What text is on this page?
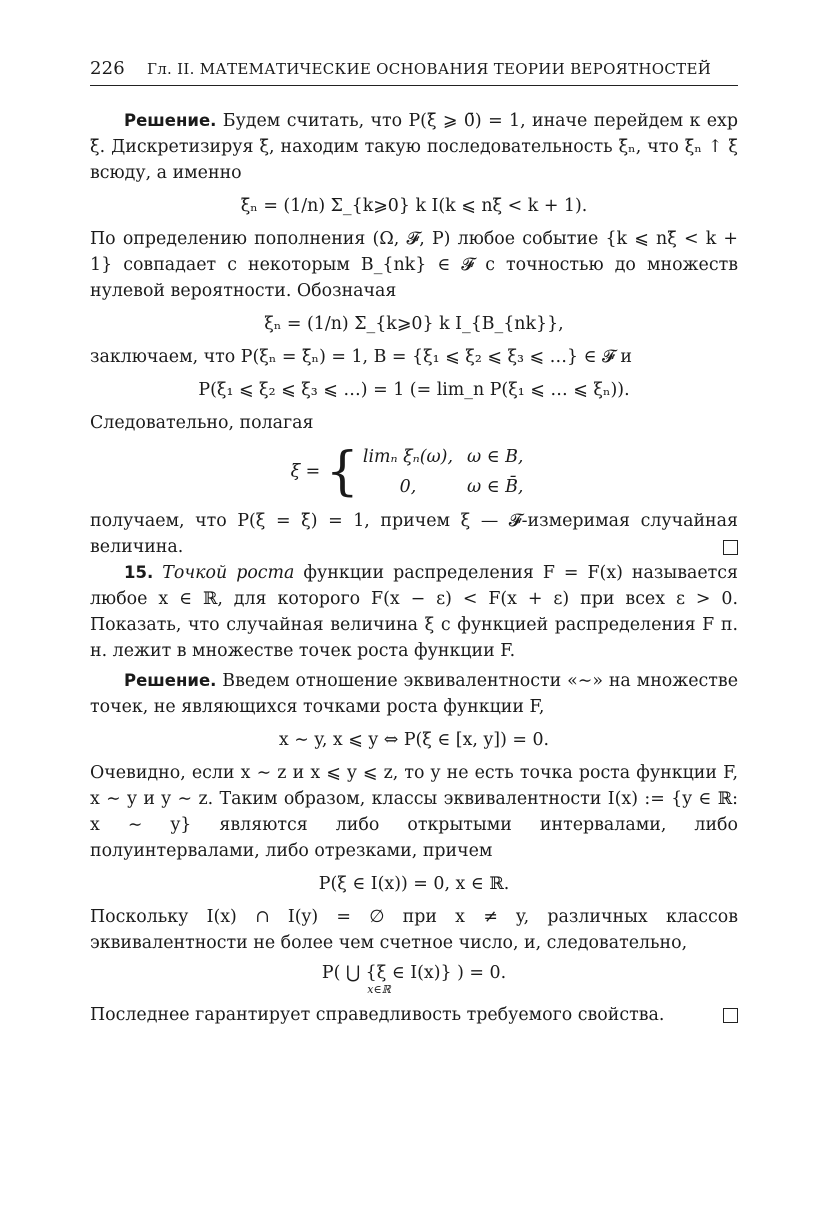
226 Гл. II. МАТЕМАТИЧЕСКИЕ ОСНОВАНИЯ ТЕОРИИ ВЕРОЯТНОСТЕЙ

Решение. Будем считать, что P(ξ̄ ⩾ 0̄) = 1, иначе перейдем к exp ξ̄. Дискретизируя ξ̄, находим такую последовательность ξ̄ₙ, что ξ̄ₙ ↑ ξ̄ всюду, а именно

ξ̄ₙ = (1/n) Σ_{k⩾0} k I(k ⩽ nξ̄ < k + 1).

По определению пополнения (Ω, 𝓕, P) любое событие {k ⩽ nξ̄ < k + 1} совпадает с некоторым B_{nk} ∈ 𝓕 с точностью до множеств нулевой вероятности. Обозначая

ξₙ = (1/n) Σ_{k⩾0} k I_{B_{nk}},

заключаем, что P(ξₙ = ξ̄ₙ) = 1, B = {ξ₁ ⩽ ξ₂ ⩽ ξ₃ ⩽ …} ∈ 𝓕 и

P(ξ₁ ⩽ ξ₂ ⩽ ξ₃ ⩽ …) = 1 (= lim_n P(ξ₁ ⩽ … ⩽ ξₙ)).

Следовательно, полагая

ξ = { limₙ ξₙ(ω),	ω ∈ B,
0,	ω ∈ B̄,

получаем, что P(ξ = ξ̄) = 1, причем ξ — 𝓕-измеримая случайная величина.

15. Точкой роста функции распределения F = F(x) называется любое x ∈ ℝ, для которого F(x − ε) < F(x + ε) при всех ε > 0. Показать, что случайная величина ξ с функцией распределения F п. н. лежит в множестве точек роста функции F.

Решение. Введем отношение эквивалентности «∼» на множестве точек, не являющихся точками роста функции F,

x ∼ y, x ⩽ y ⇔ P(ξ ∈ [x, y]) = 0.

Очевидно, если x ∼ z и x ⩽ y ⩽ z, то y не есть точка роста функции F, x ∼ y и y ∼ z. Таким образом, классы эквивалентности I(x) := {y ∈ ℝ: x ∼ y} являются либо открытыми интервалами, либо полуинтервалами, либо отрезками, причем

P(ξ ∈ I(x)) = 0, x ∈ ℝ.

Поскольку I(x) ∩ I(y) = ∅ при x ≠ y, различных классов эквивалентности не более чем счетное число, и, следовательно,

P( ⋃ {ξ ∈ I(x)} ) = 0.
x∈ℝ

Последнее гарантирует справедливость требуемого свойства.
